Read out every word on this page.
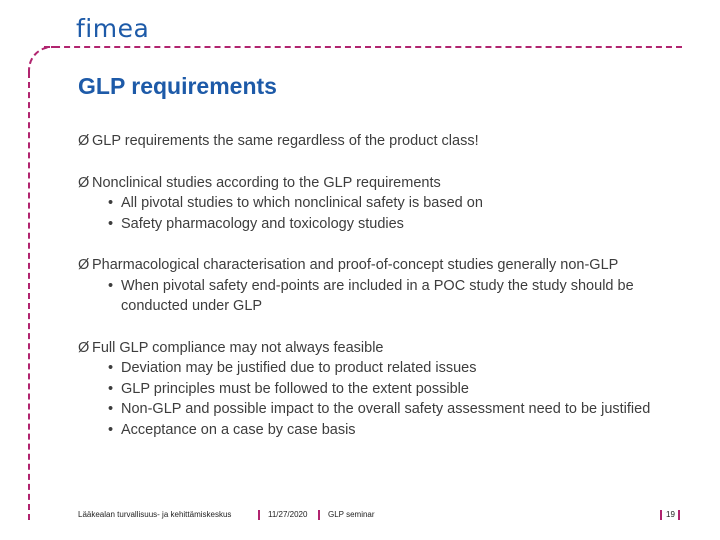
fimea
GLP requirements
Ø GLP requirements the same regardless of the product class!
Ø Nonclinical studies according to the GLP requirements
• All pivotal studies to which nonclinical safety is based on
• Safety pharmacology and toxicology studies
Ø Pharmacological characterisation and proof-of-concept studies generally non-GLP
• When pivotal safety end-points are included in a POC study the study should be conducted under GLP
Ø Full GLP compliance may not always feasible
• Deviation may be justified due to product related issues
• GLP principles must be followed to the extent possible
• Non-GLP and possible impact to the overall safety assessment need to be justified
• Acceptance on a case by case basis
Lääkealan turvallisuus- ja kehittämiskeskus	11/27/2020	GLP seminar	19
